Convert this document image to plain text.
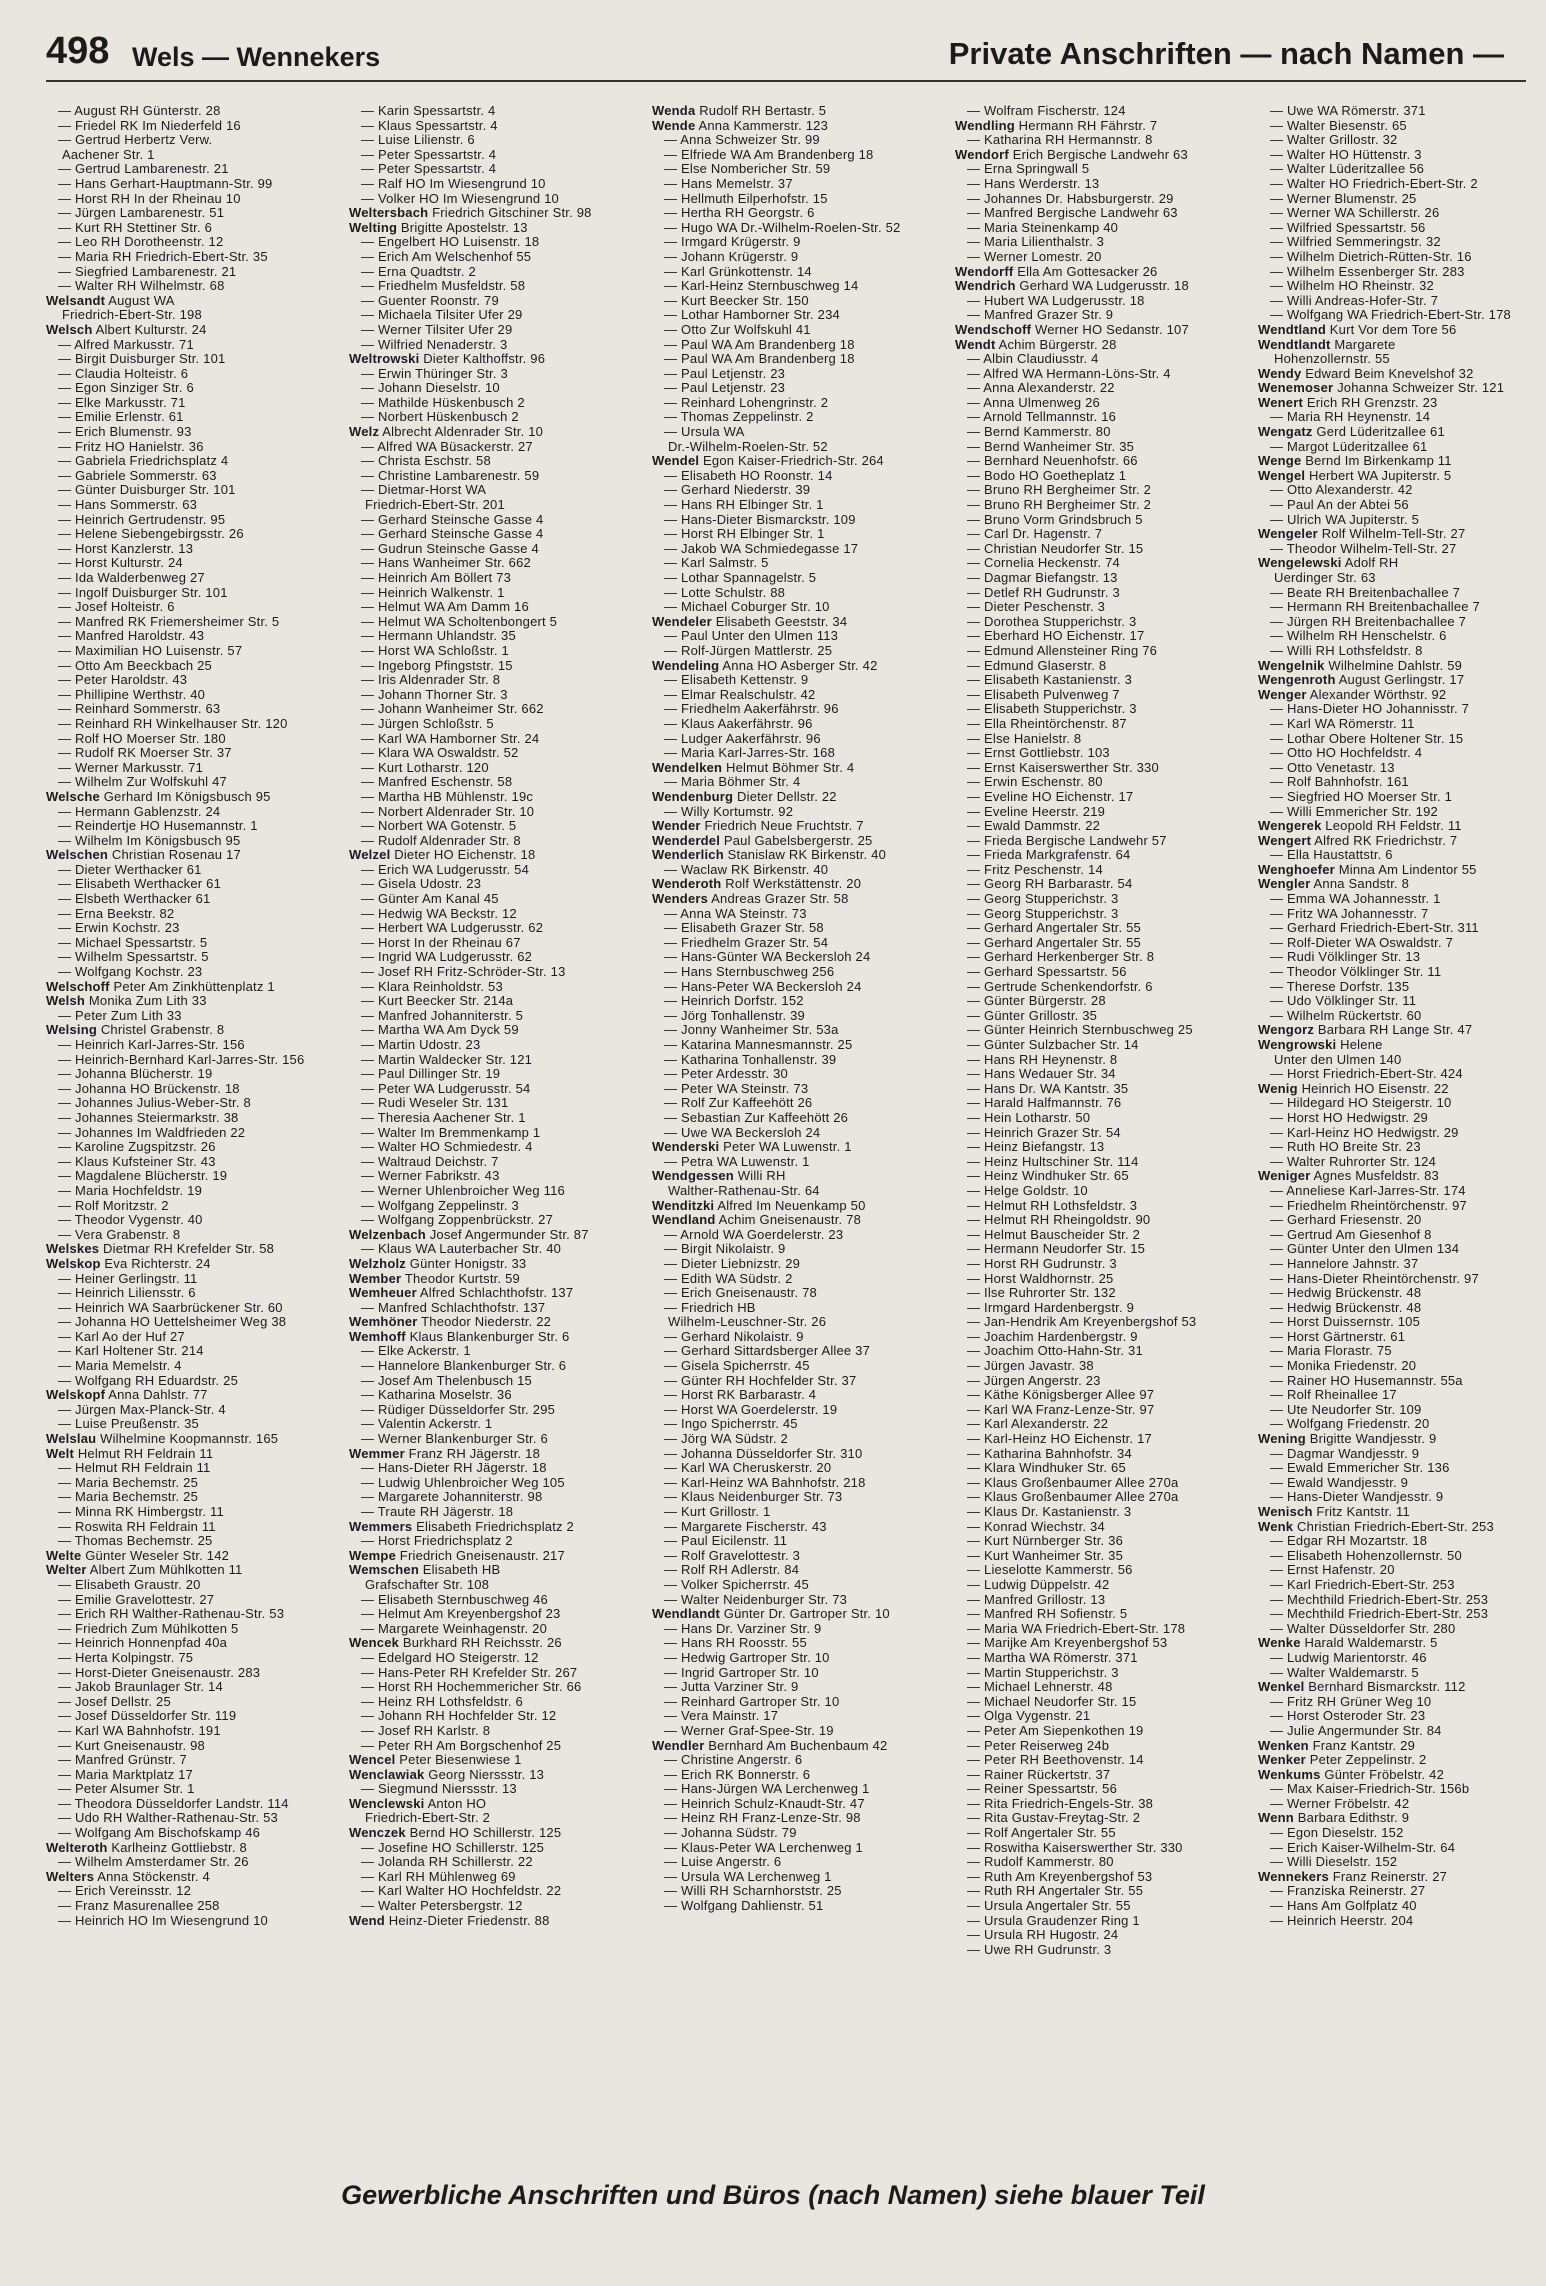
498 Wels — Wennekers	Private Anschriften — nach Namen —
— August RH Günterstr. 28
— Friedel RK Im Niederfeld 16
— Gertrud Herbertz Verw.
Aachener Str. 1
— Gertrud Lambarenestr. 21
— Hans Gerhart-Hauptmann-Str. 99
— Horst RH In der Rheinau 10
— Jürgen Lambarenestr. 51
— Kurt RH Stettiner Str. 6
— Leo RH Dorotheenstr. 12
— Maria RH Friedrich-Ebert-Str. 35
— Siegfried Lambarenestr. 21
— Walter RH Wilhelmstr. 68
Welsandt August WA
Friedrich-Ebert-Str. 198
Welsch Albert Kulturstr. 24
— Alfred Markusstr. 71
— Birgit Duisburger Str. 101
— Claudia Holteistr. 6
— Egon Sinziger Str. 6
— Elke Markusstr. 71
— Emilie Erlenstr. 61
— Erich Blumenstr. 93
— Fritz HO Hanielstr. 36
— Gabriela Friedrichsplatz 4
— Gabriele Sommerstr. 63
— Günter Duisburger Str. 101
— Hans Sommerstr. 63
— Heinrich Gertrudenstr. 95
— Helene Siebengebirgsstr. 26
— Horst Kanzlerstr. 13
— Horst Kulturstr. 24
— Ida Walderbenweg 27
— Ingolf Duisburger Str. 101
— Josef Holteistr. 6
— Manfred RK Friemersheimer Str. 5
— Manfred Haroldstr. 43
— Maximilian HO Luisenstr. 57
— Otto Am Beeckbach 25
— Peter Haroldstr. 43
— Phillipine Werthstr. 40
— Reinhard Sommerstr. 63
— Reinhard RH Winkelhauser Str. 120
— Rolf HO Moerser Str. 180
— Rudolf RK Moerser Str. 37
— Werner Markusstr. 71
— Wilhelm Zur Wolfskuhl 47
Welsche Gerhard Im Königsbusch 95
— Hermann Gablenzstr. 24
— Reindertje HO Husemannstr. 1
— Wilhelm Im Königsbusch 95
Welschen Christian Rosenau 17
— Dieter Werthacker 61
— Elisabeth Werthacker 61
— Elsbeth Werthacker 61
— Erna Beekstr. 82
— Erwin Kochstr. 23
— Michael Spessartstr. 5
— Wilhelm Spessartstr. 5
— Wolfgang Kochstr. 23
Welschoff Peter Am Zinkhüttenplatz 1
Welsh Monika Zum Lith 33
— Peter Zum Lith 33
Welsing Christel Grabenstr. 8
— Heinrich Karl-Jarres-Str. 156
— Heinrich-Bernhard Karl-Jarres-Str. 156
— Johanna Blücherstr. 19
— Johanna HO Brückenstr. 18
— Johannes Julius-Weber-Str. 8
— Johannes Steiermarkstr. 38
— Johannes Im Waldfrieden 22
— Karoline Zugspitzstr. 26
— Klaus Kufsteiner Str. 43
— Magdalene Blücherstr. 19
— Maria Hochfeldstr. 19
— Rolf Moritzstr. 2
— Theodor Vygenstr. 40
— Vera Grabenstr. 8
Welskes Dietmar RH Krefelder Str. 58
Welskop Eva Richterstr. 24
— Heiner Gerlingstr. 11
— Heinrich Liliensstr. 6
— Heinrich WA Saarbrückener Str. 60
— Johanna HO Uettelsheimer Weg 38
— Karl Ao der Huf 27
— Karl Holtener Str. 214
— Maria Memelstr. 4
— Wolfgang RH Eduardstr. 25
Welskopf Anna Dahlstr. 77
— Jürgen Max-Planck-Str. 4
— Luise Preußenstr. 35
Welslau Wilhelmine Koopmannstr. 165
Welt Helmut RH Feldrain 11
— Helmut RH Feldrain 11
— Maria Bechemstr. 25
— Maria Bechemstr. 25
— Minna RK Himbergstr. 11
— Roswita RH Feldrain 11
— Thomas Bechemstr. 25
Welte Günter Weseler Str. 142
Welter Albert Zum Mühlkotten 11
— Elisabeth Graustr. 20
— Emilie Gravelottestr. 27
— Erich RH Walther-Rathenau-Str. 53
— Friedrich Zum Mühlkotten 5
— Heinrich Honnenpfad 40a
— Herta Kolpingstr. 75
— Horst-Dieter Gneisenaustr. 283
— Jakob Braunlager Str. 14
— Josef Dellstr. 25
— Josef Düsseldorfer Str. 119
— Karl WA Bahnhofstr. 191
— Kurt Gneisenaustr. 98
— Manfred Grünstr. 7
— Maria Marktplatz 17
— Peter Alsumer Str. 1
— Theodora Düsseldorfer Landstr. 114
— Udo RH Walther-Rathenau-Str. 53
— Wolfgang Am Bischofskamp 46
Welteroth Karlheinz Gottliebstr. 8
— Wilhelm Amsterdamer Str. 26
Welters Anna Stöckenstr. 4
— Erich Vereinsstr. 12
— Franz Masurenallee 258
— Heinrich HO Im Wiesengrund 10
— Karin Spessartstr. 4
— Klaus Spessartstr. 4
— Luise Lilienstr. 6
— Peter Spessartstr. 4
— Peter Spessartstr. 4
— Ralf HO Im Wiesengrund 10
— Volker HO Im Wiesengrund 10
Weltersbach Friedrich Gitschiner Str. 98
Welting Brigitte Apostelstr. 13
— Engelbert HO Luisenstr. 18
— Erich Am Welschenhof 55
— Erna Quadtstr. 2
— Friedhelm Musfeldstr. 58
— Guenter Roonstr. 79
— Michaela Tilsiter Ufer 29
— Werner Tilsiter Ufer 29
— Wilfried Nenaderstr. 3
Weltrowski Dieter Kalthoffstr. 96
— Erwin Thüringer Str. 3
— Johann Dieselstr. 10
— Mathilde Hüskenbusch 2
— Norbert Hüskenbusch 2
Welz Albrecht Aldenrader Str. 10
— Alfred WA Büsackerstr. 27
— Christa Eschstr. 58
— Christine Lambarenestr. 59
— Dietmar-Horst WA
Friedrich-Ebert-Str. 201
— Gerhard Steinsche Gasse 4
— Gerhard Steinsche Gasse 4
— Gudrun Steinsche Gasse 4
— Hans Wanheimer Str. 662
— Heinrich Am Böllert 73
— Heinrich Walkenstr. 1
— Helmut WA Am Damm 16
— Helmut WA Scholtenbongert 5
— Hermann Uhlandstr. 35
— Horst WA Schloßstr. 1
— Ingeborg Pfingststr. 15
— Iris Aldenrader Str. 8
— Johann Thorner Str. 3
— Johann Wanheimer Str. 662
— Jürgen Schloßstr. 5
— Karl WA Hamborner Str. 24
— Klara WA Oswaldstr. 52
— Kurt Lotharstr. 120
— Manfred Eschenstr. 58
— Martha HB Mühlenstr. 19c
— Norbert Aldenrader Str. 10
— Norbert WA Gotenstr. 5
— Rudolf Aldenrader Str. 8
Welzel Dieter HO Eichenstr. 18
— Erich WA Ludgerusstr. 54
— Gisela Udostr. 23
— Günter Am Kanal 45
— Hedwig WA Beckstr. 12
— Herbert WA Ludgerusstr. 62
— Horst In der Rheinau 67
— Ingrid WA Ludgerusstr. 62
— Josef RH Fritz-Schröder-Str. 13
— Klara Reinholdstr. 53
— Kurt Beecker Str. 214a
— Manfred Johanniterstr. 5
— Martha WA Am Dyck 59
— Martin Udostr. 23
— Martin Waldecker Str. 121
— Paul Dillinger Str. 19
— Peter WA Ludgerusstr. 54
— Rudi Weseler Str. 131
— Theresia Aachener Str. 1
— Walter Im Bremmenkamp 1
— Walter HO Schmiedestr. 4
— Waltraud Deichstr. 7
— Werner Fabrikstr. 43
— Werner Uhlenbroicher Weg 116
— Wolfgang Zeppelinstr. 3
— Wolfgang Zoppenbrückstr. 27
Welzenbach Josef Angermunder Str. 87
— Klaus WA Lauterbacher Str. 40
Welzholz Günter Honigstr. 33
Wember Theodor Kurtstr. 59
Wemheuer Alfred Schlachthofstr. 137
— Manfred Schlachthofstr. 137
Wemhöner Theodor Niederstr. 22
Wemhoff Klaus Blankenburger Str. 6
— Elke Ackerstr. 1
— Hannelore Blankenburger Str. 6
— Josef Am Thelenbusch 15
— Katharina Moselstr. 36
— Rüdiger Düsseldorfer Str. 295
— Valentin Ackerstr. 1
— Werner Blankenburger Str. 6
Wemmer Franz RH Jägerstr. 18
— Hans-Dieter RH Jägerstr. 18
— Ludwig Uhlenbroicher Weg 105
— Margarete Johanniterstr. 98
— Traute RH Jägerstr. 18
Wemmers Elisabeth Friedrichsplatz 2
— Horst Friedrichsplatz 2
Wempe Friedrich Gneisenaustr. 217
Wemschen Elisabeth HB
Grafschafter Str. 108
— Elisabeth Sternbuschweg 46
— Helmut Am Kreyenbergshof 23
— Margarete Weinhagenstr. 20
Wencek Burkhard RH Reichsstr. 26
— Edelgard HO Steigerstr. 12
— Hans-Peter RH Krefelder Str. 267
— Horst RH Hochemmericher Str. 66
— Heinz RH Lothsfeldstr. 6
— Johann RH Hochfelder Str. 12
— Josef RH Karlstr. 8
— Peter RH Am Borgschenhof 25
Wencel Peter Biesenwiese 1
Wenclawiak Georg Nierssstr. 13
— Siegmund Nierssstr. 13
Wenclewski Anton HO
Friedrich-Ebert-Str. 2
Wenczek Bernd HO Schillerstr. 125
— Josefine HO Schillerstr. 125
— Jolanda RH Schillerstr. 22
— Karl RH Mühlenweg 69
— Karl Walter HO Hochfeldstr. 22
— Walter Petersbergstr. 12
Wend Heinz-Dieter Friedenstr. 88
Wenda Rudolf RH Bertastr. 5
Wende Anna Kammerstr. 123
— Anna Schweizer Str. 99
— Elfriede WA Am Brandenberg 18
— Else Nombericher Str. 59
— Hans Memelstr. 37
— Hellmuth Eilperhofstr. 15
— Hertha RH Georgstr. 6
— Hugo WA Dr.-Wilhelm-Roelen-Str. 52
— Irmgard Krügerstr. 9
— Johann Krügerstr. 9
— Karl Grünkottenstr. 14
— Karl-Heinz Sternbuschweg 14
— Kurt Beecker Str. 150
— Lothar Hamborner Str. 234
— Otto Zur Wolfskuhl 41
— Paul WA Am Brandenberg 18
— Paul WA Am Brandenberg 18
— Paul Letjenstr. 23
— Paul Letjenstr. 23
— Reinhard Lohengrinstr. 2
— Thomas Zeppelinstr. 2
— Ursula WA
Dr.-Wilhelm-Roelen-Str. 52
Wendel Egon Kaiser-Friedrich-Str. 264
— Elisabeth HO Roonstr. 14
— Gerhard Niederstr. 39
— Hans RH Elbinger Str. 1
— Hans-Dieter Bismarckstr. 109
— Horst RH Elbinger Str. 1
— Jakob WA Schmiedegasse 17
— Karl Salmstr. 5
— Lothar Spannagelstr. 5
— Lotte Schulstr. 88
— Michael Coburger Str. 10
Wendeler Elisabeth Geeststr. 34
— Paul Unter den Ulmen 113
— Rolf-Jürgen Mattlerstr. 25
Wendeling Anna HO Asberger Str. 42
— Elisabeth Kettenstr. 9
— Elmar Realschulstr. 42
— Friedhelm Aakerfährstr. 96
— Klaus Aakerfährstr. 96
— Ludger Aakerfährstr. 96
— Maria Karl-Jarres-Str. 168
Wendelken Helmut Böhmer Str. 4
— Maria Böhmer Str. 4
Wendenburg Dieter Dellstr. 22
— Willy Kortumstr. 92
Wender Friedrich Neue Fruchtstr. 7
Wenderdel Paul Gabelsbergerstr. 25
Wenderlich Stanislaw RK Birkenstr. 40
— Waclaw RK Birkenstr. 40
Wenderoth Rolf Werkstättenstr. 20
Wenders Andreas Grazer Str. 58
— Anna WA Steinstr. 73
— Elisabeth Grazer Str. 58
— Friedhelm Grazer Str. 54
— Hans-Günter WA Beckersloh 24
— Hans Sternbuschweg 256
— Hans-Peter WA Beckersloh 24
— Heinrich Dorfstr. 152
— Jörg Tonhallenstr. 39
— Jonny Wanheimer Str. 53a
— Katarina Mannesmannstr. 25
— Katharina Tonhallenstr. 39
— Peter Ardesstr. 30
— Peter WA Steinstr. 73
— Rolf Zur Kaffeehött 26
— Sebastian Zur Kaffeehött 26
— Uwe WA Beckersloh 24
Wenderski Peter WA Luwenstr. 1
— Petra WA Luwenstr. 1
Wendgessen Willi RH
Walther-Rathenau-Str. 64
Wenditzki Alfred Im Neuenkamp 50
Wendland Achim Gneisenaustr. 78
— Arnold WA Goerdelerstr. 23
— Birgit Nikolaistr. 9
— Dieter Liebnizstr. 29
— Edith WA Südstr. 2
— Erich Gneisenaustr. 78
— Friedrich HB
Wilhelm-Leuschner-Str. 26
— Gerhard Nikolaistr. 9
— Gerhard Sittardsberger Allee 37
— Gisela Spicherrstr. 45
— Günter RH Hochfelder Str. 37
— Horst RK Barbarastr. 4
— Horst WA Goerdelerstr. 19
— Ingo Spicherrstr. 45
— Jörg WA Südstr. 2
— Johanna Düsseldorfer Str. 310
— Karl WA Cheruskerstr. 20
— Karl-Heinz WA Bahnhofstr. 218
— Klaus Neidenburger Str. 73
— Kurt Grillostr. 1
— Margarete Fischerstr. 43
— Paul Eicilenstr. 11
— Rolf Gravelottestr. 3
— Rolf RH Adlerstr. 84
— Volker Spicherrstr. 45
— Walter Neidenburger Str. 73
Wendlandt Günter Dr. Gartroper Str. 10
— Hans Dr. Varziner Str. 9
— Hans RH Roosstr. 55
— Hedwig Gartroper Str. 10
— Ingrid Gartroper Str. 10
— Jutta Varziner Str. 9
— Reinhard Gartroper Str. 10
— Vera Mainstr. 17
— Werner Graf-Spee-Str. 19
Wendler Bernhard Am Buchenbaum 42
— Christine Angerstr. 6
— Erich RK Bonnerstr. 6
— Hans-Jürgen WA Lerchenweg 1
— Heinrich Schulz-Knaudt-Str. 47
— Heinz RH Franz-Lenze-Str. 98
— Johanna Südstr. 79
— Klaus-Peter WA Lerchenweg 1
— Luise Angerstr. 6
— Ursula WA Lerchenweg 1
— Willi RH Scharnhorststr. 25
— Wolfgang Dahlienstr. 51
— Wolfram Fischerstr. 124
Wendling Hermann RH Fährstr. 7
— Katharina RH Hermannstr. 8
Wendorf Erich Bergische Landwehr 63
— Erna Springwall 5
— Hans Werderstr. 13
— Johannes Dr. Habsburgerstr. 29
— Manfred Bergische Landwehr 63
— Maria Steinenkamp 40
— Maria Lilienthalstr. 3
— Werner Lomestr. 20
Wendorff Ella Am Gottesacker 26
Wendrich Gerhard WA Ludgerusstr. 18
— Hubert WA Ludgerusstr. 18
— Manfred Grazer Str. 9
Wendschoff Werner HO Sedanstr. 107
Wendt Achim Bürgerstr. 28
— Albin Claudiusstr. 4
— Alfred WA Hermann-Löns-Str. 4
— Anna Alexanderstr. 22
— Anna Ulmenweg 26
— Arnold Tellmannstr. 16
— Bernd Kammerstr. 80
— Bernd Wanheimer Str. 35
— Bernhard Neuenhofstr. 66
— Bodo HO Goetheplatz 1
— Bruno RH Bergheimer Str. 2
— Bruno RH Bergheimer Str. 2
— Bruno Vorm Grindsbruch 5
— Carl Dr. Hagenstr. 7
— Christian Neudorfer Str. 15
— Cornelia Heckenstr. 74
— Dagmar Biefangstr. 13
— Detlef RH Gudrunstr. 3
— Dieter Peschenstr. 3
— Dorothea Stupperichstr. 3
— Eberhard HO Eichenstr. 17
— Edmund Allensteiner Ring 76
— Edmund Glaserstr. 8
— Elisabeth Kastanienstr. 3
— Elisabeth Pulvenweg 7
— Elisabeth Stupperichstr. 3
— Ella Rheintörchenstr. 87
— Else Hanielstr. 8
— Ernst Gottliebstr. 103
— Ernst Kaiserswerther Str. 330
— Erwin Eschenstr. 80
— Eveline HO Eichenstr. 17
— Eveline Heerstr. 219
— Ewald Dammstr. 22
— Frieda Bergische Landwehr 57
— Frieda Markgrafenstr. 64
— Fritz Peschenstr. 14
— Georg RH Barbarastr. 54
— Georg Stupperichstr. 3
— Georg Stupperichstr. 3
— Gerhard Angertaler Str. 55
— Gerhard Angertaler Str. 55
— Gerhard Herkenberger Str. 8
— Gerhard Spessartstr. 56
— Gertrude Schenkendorfstr. 6
— Günter Bürgerstr. 28
— Günter Grillostr. 35
— Günter Heinrich Sternbuschweg 25
— Günter Sulzbacher Str. 14
— Hans RH Heynenstr. 8
— Hans Wedauer Str. 34
— Hans Dr. WA Kantstr. 35
— Harald Halfmannstr. 76
— Hein Lotharstr. 50
— Heinrich Grazer Str. 54
— Heinz Biefangstr. 13
— Heinz Hultschiner Str. 114
— Heinz Windhuker Str. 65
— Helge Goldstr. 10
— Helmut RH Lothsfeldstr. 3
— Helmut RH Rheingoldstr. 90
— Helmut Bauscheider Str. 2
— Hermann Neudorfer Str. 15
— Horst RH Gudrunstr. 3
— Horst Waldhornstr. 25
— Ilse Ruhrorter Str. 132
— Irmgard Hardenbergstr. 9
— Jan-Hendrik Am Kreyenbergshof 53
— Joachim Hardenbergstr. 9
— Joachim Otto-Hahn-Str. 31
— Jürgen Javastr. 38
— Jürgen Angerstr. 23
— Käthe Königsberger Allee 97
— Karl WA Franz-Lenze-Str. 97
— Karl Alexanderstr. 22
— Karl-Heinz HO Eichenstr. 17
— Katharina Bahnhofstr. 34
— Klara Windhuker Str. 65
— Klaus Großenbaumer Allee 270a
— Klaus Großenbaumer Allee 270a
— Klaus Dr. Kastanienstr. 3
— Konrad Wiechstr. 34
— Kurt Nürnberger Str. 36
— Kurt Wanheimer Str. 35
— Lieselotte Kammerstr. 56
— Ludwig Düppelstr. 42
— Manfred Grillostr. 13
— Manfred RH Sofienstr. 5
— Maria WA Friedrich-Ebert-Str. 178
— Marijke Am Kreyenbergshof 53
— Martha WA Römerstr. 371
— Martin Stupperichstr. 3
— Michael Lehnerstr. 48
— Michael Neudorfer Str. 15
— Olga Vygenstr. 21
— Peter Am Siepenkothen 19
— Peter Reiserweg 24b
— Peter RH Beethovenstr. 14
— Rainer Rückertstr. 37
— Reiner Spessartstr. 56
— Rita Friedrich-Engels-Str. 38
— Rita Gustav-Freytag-Str. 2
— Rolf Angertaler Str. 55
— Roswitha Kaiserswerther Str. 330
— Rudolf Kammerstr. 80
— Ruth Am Kreyenbergshof 53
— Ruth RH Angertaler Str. 55
— Ursula Angertaler Str. 55
— Ursula Graudenzer Ring 1
— Ursula RH Hugostr. 24
— Uwe RH Gudrunstr. 3
— Uwe WA Römerstr. 371
— Walter Biesenstr. 65
— Walter Grillostr. 32
— Walter HO Hüttenstr. 3
— Walter Lüderitzallee 56
— Walter HO Friedrich-Ebert-Str. 2
— Werner Blumenstr. 25
— Werner WA Schillerstr. 26
— Wilfried Spessartstr. 56
— Wilfried Semmeringstr. 32
— Wilhelm Dietrich-Rütten-Str. 16
— Wilhelm Essenberger Str. 283
— Wilhelm HO Rheinstr. 32
— Willi Andreas-Hofer-Str. 7
— Wolfgang WA Friedrich-Ebert-Str. 178
Wendtland Kurt Vor dem Tore 56
Wendtlandt Margarete
Hohenzollernstr. 55
Wendy Edward Beim Knevelshof 32
Wenemoser Johanna Schweizer Str. 121
Wenert Erich RH Grenzstr. 23
— Maria RH Heynenstr. 14
Wengatz Gerd Lüderitzallee 61
— Margot Lüderitzallee 61
Wenge Bernd Im Birkenkamp 11
Wengel Herbert WA Jupiterstr. 5
— Otto Alexanderstr. 42
— Paul An der Abtei 56
— Ulrich WA Jupiterstr. 5
Wengeler Rolf Wilhelm-Tell-Str. 27
— Theodor Wilhelm-Tell-Str. 27
Wengelewski Adolf RH
Uerdinger Str. 63
— Beate RH Breitenbachallee 7
— Hermann RH Breitenbachallee 7
— Jürgen RH Breitenbachallee 7
— Wilhelm RH Henschelstr. 6
— Willi RH Lothsfeldstr. 8
Wengelnik Wilhelmine Dahlstr. 59
Wengenroth August Gerlingstr. 17
Wenger Alexander Wörthstr. 92
— Hans-Dieter HO Johannisstr. 7
— Karl WA Römerstr. 11
— Lothar Obere Holtener Str. 15
— Otto HO Hochfeldstr. 4
— Otto Venetastr. 13
— Rolf Bahnhofstr. 161
— Siegfried HO Moerser Str. 1
— Willi Emmericher Str. 192
Wengerek Leopold RH Feldstr. 11
Wengert Alfred RK Friedrichstr. 7
— Ella Haustattstr. 6
Wenghoefer Minna Am Lindentor 55
Wengler Anna Sandstr. 8
— Emma WA Johannesstr. 1
— Fritz WA Johannesstr. 7
— Gerhard Friedrich-Ebert-Str. 311
— Rolf-Dieter WA Oswaldstr. 7
— Rudi Völklinger Str. 13
— Theodor Völklinger Str. 11
— Therese Dorfstr. 135
— Udo Völklinger Str. 11
— Wilhelm Rückertstr. 60
Wengorz Barbara RH Lange Str. 47
Wengrowski Helene
Unter den Ulmen 140
— Horst Friedrich-Ebert-Str. 424
Wenig Heinrich HO Eisenstr. 22
— Hildegard HO Steigerstr. 10
— Horst HO Hedwigstr. 29
— Karl-Heinz HO Hedwigstr. 29
— Ruth HO Breite Str. 23
— Walter Ruhrorter Str. 124
Weniger Agnes Musfeldstr. 83
— Anneliese Karl-Jarres-Str. 174
— Friedhelm Rheintörchenstr. 97
— Gerhard Friesenstr. 20
— Gertrud Am Giesenhof 8
— Günter Unter den Ulmen 134
— Hannelore Jahnstr. 37
— Hans-Dieter Rheintörchenstr. 97
— Hedwig Brückenstr. 48
— Hedwig Brückenstr. 48
— Horst Duissernstr. 105
— Horst Gärtnerstr. 61
— Maria Florastr. 75
— Monika Friedenstr. 20
— Rainer HO Husemannstr. 55a
— Rolf Rheinallee 17
— Ute Neudorfer Str. 109
— Wolfgang Friedenstr. 20
Wening Brigitte Wandjesstr. 9
— Dagmar Wandjesstr. 9
— Ewald Emmericher Str. 136
— Ewald Wandjesstr. 9
— Hans-Dieter Wandjesstr. 9
Wenisch Fritz Kantstr. 11
Wenk Christian Friedrich-Ebert-Str. 253
— Edgar RH Mozartstr. 18
— Elisabeth Hohenzollernstr. 50
— Ernst Hafenstr. 20
— Karl Friedrich-Ebert-Str. 253
— Mechthild Friedrich-Ebert-Str. 253
— Mechthild Friedrich-Ebert-Str. 253
— Walter Düsseldorfer Str. 280
Wenke Harald Waldemarstr. 5
— Ludwig Marientorstr. 46
— Walter Waldemarstr. 5
Wenkel Bernhard Bismarckstr. 112
— Fritz RH Grüner Weg 10
— Horst Osteroder Str. 23
— Julie Angermunder Str. 84
Wenken Franz Kantstr. 29
Wenker Peter Zeppelinstr. 2
Wenkums Günter Fröbelstr. 42
— Max Kaiser-Friedrich-Str. 156b
— Werner Fröbelstr. 42
Wenn Barbara Edithstr. 9
— Egon Dieselstr. 152
— Erich Kaiser-Wilhelm-Str. 64
— Willi Dieselstr. 152
Wennekers Franz Reinerstr. 27
— Franziska Reinerstr. 27
— Hans Am Golfplatz 40
— Heinrich Heerstr. 204
Gewerbliche Anschriften und Büros (nach Namen) siehe blauer Teil
